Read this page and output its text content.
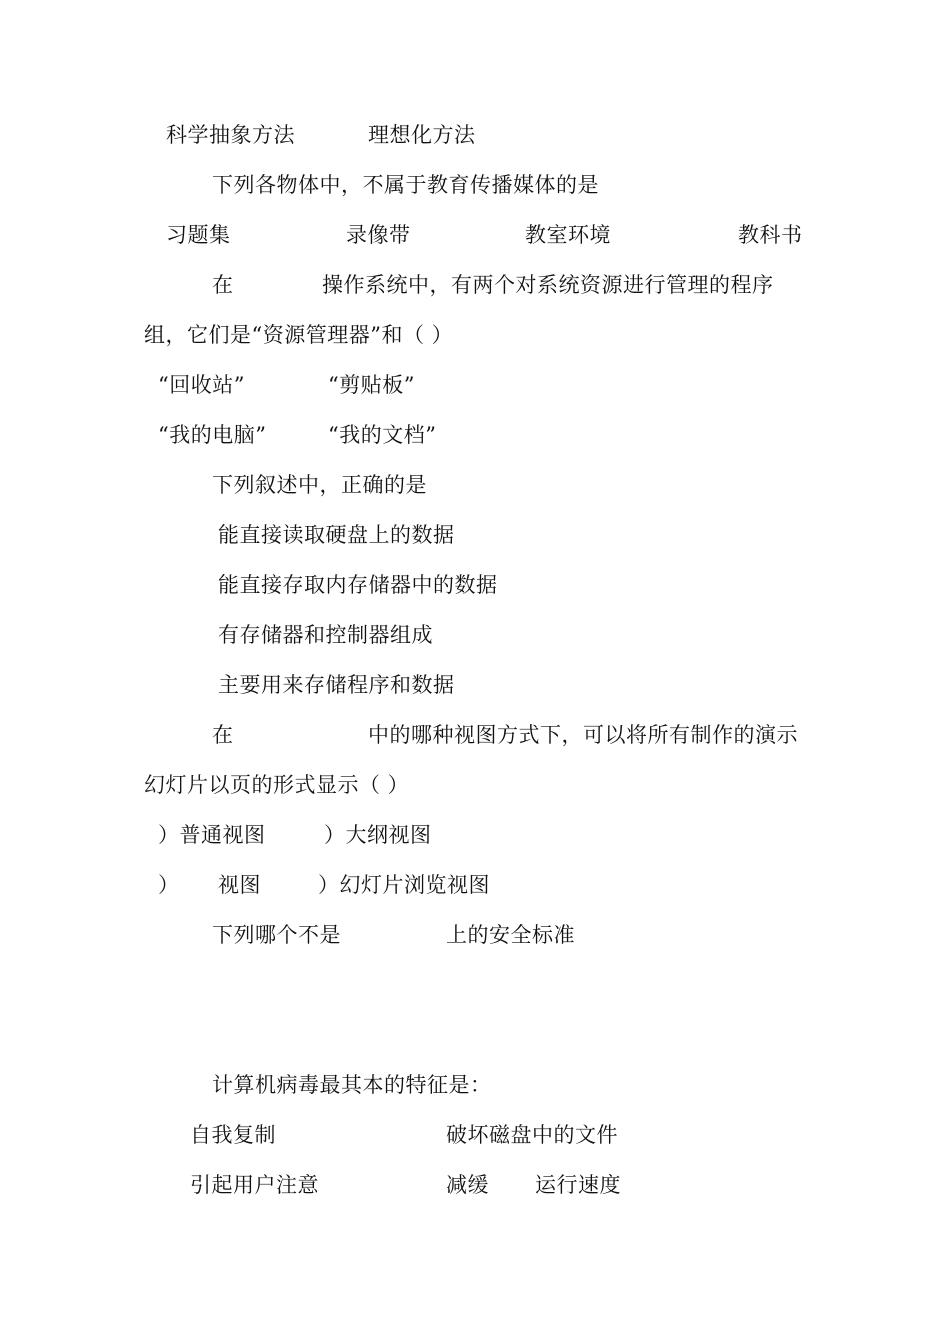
科学抽象方法	理想化方法
下列各物体中，不属于教育传播媒体的是
习题集	录像带	教室环境	教科书
在	操作系统中，有两个对系统资源进行管理的程序
组，它们是“资源管理器”和（ ）
“回收站”	“剪贴板”
“我的电脑”	“我的文档”
下列叙述中，正确的是
能直接读取硬盘上的数据
能直接存取内存储器中的数据
有存储器和控制器组成
主要用来存储程序和数据
在	中的哪种视图方式下，可以将所有制作的演示
幻灯片以页的形式显示（ ）
）普通视图	）大纲视图
） 视图	）幻灯片浏览视图
下列哪个不是	上的安全标准
计算机病毒最其本的特征是：
自我复制	破坏磁盘中的文件
引起用户注意	减缓 运行速度
